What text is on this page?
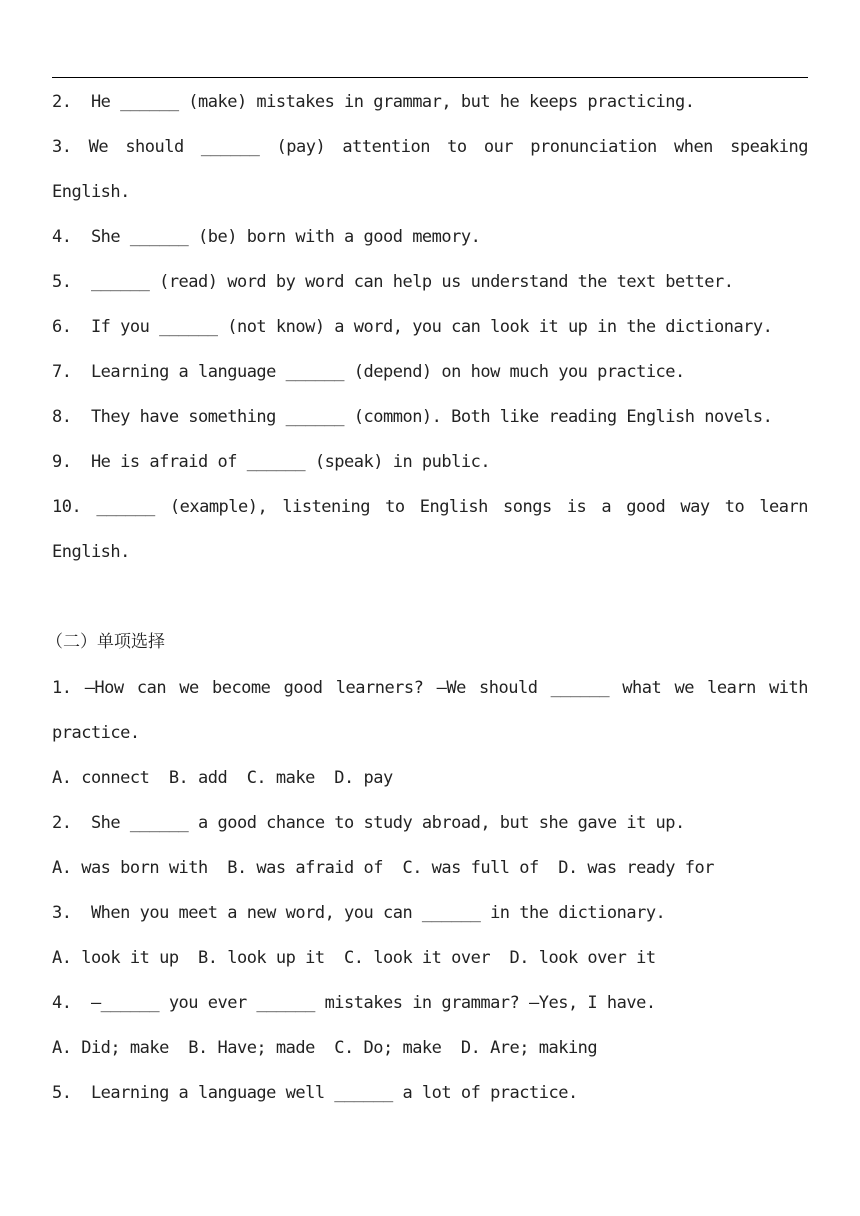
2.  He ______ (make) mistakes in grammar, but he keeps practicing.
3. We should ______ (pay) attention to our pronunciation when speaking
English.
4.  She ______ (be) born with a good memory.
5.  ______ (read) word by word can help us understand the text better.
6.  If you ______ (not know) a word, you can look it up in the dictionary.
7.  Learning a language ______ (depend) on how much you practice.
8.  They have something ______ (common). Both like reading English novels.
9.  He is afraid of ______ (speak) in public.
10. ______ (example), listening to English songs is a good way to learn
English.
（二）单项选择
1. —How can we become good learners? —We should ______ what we learn with
practice.
A. connect  B. add  C. make  D. pay
2.  She ______ a good chance to study abroad, but she gave it up.
A. was born with  B. was afraid of  C. was full of  D. was ready for
3.  When you meet a new word, you can ______ in the dictionary.
A. look it up  B. look up it  C. look it over  D. look over it
4.  —______ you ever ______ mistakes in grammar? —Yes, I have.
A. Did; make  B. Have; made  C. Do; make  D. Are; making
5.  Learning a language well ______ a lot of practice.
